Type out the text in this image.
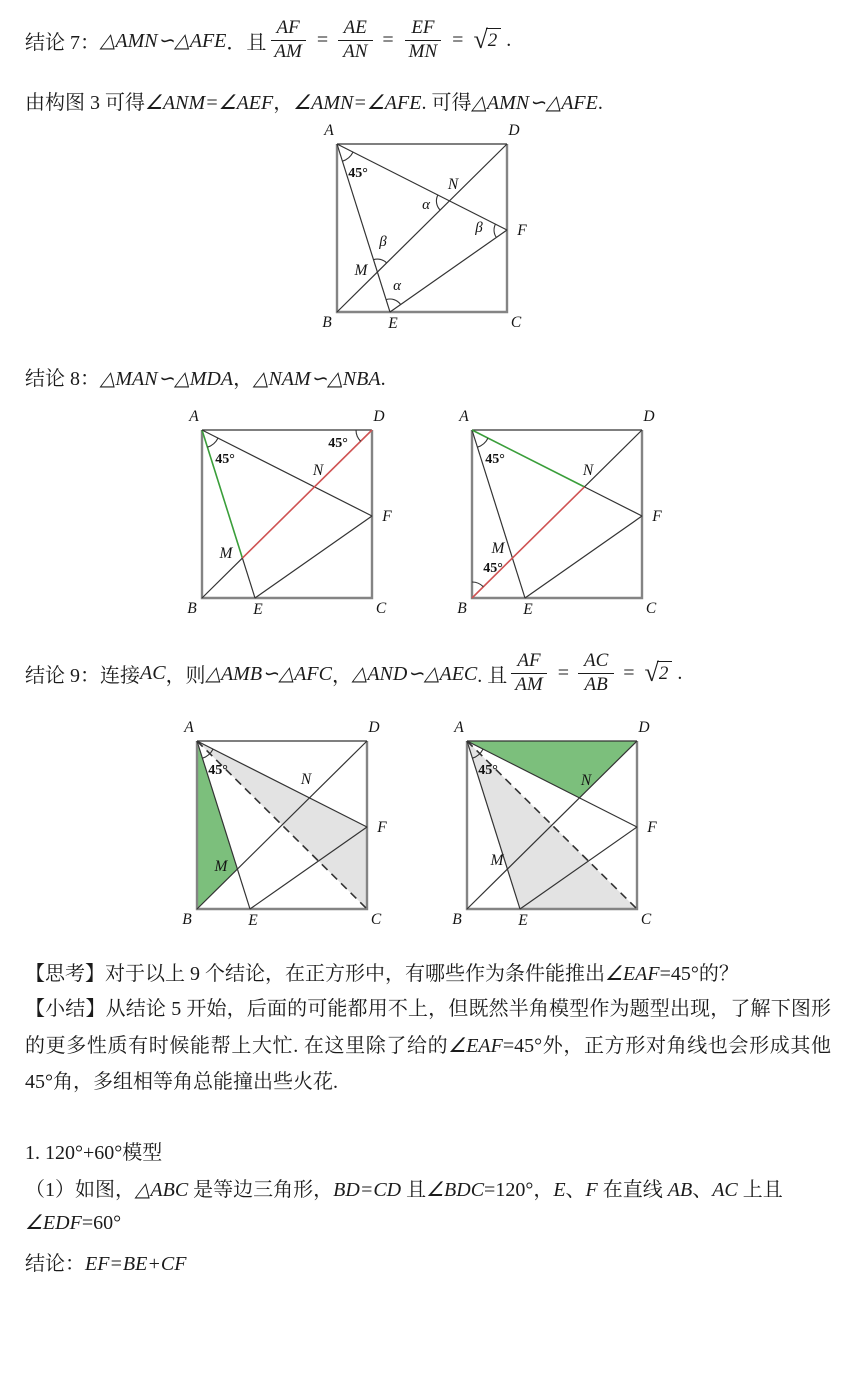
结论 7： △AMN∽△AFE ．且 $\frac{AF}{AM} = \frac{AE}{AN} = \frac{EF}{MN}$ = √ 2 .
由构图 3 可得∠ANM=∠AEF，∠AMN=∠AFE. 可得△AMN∽△AFE.
A	D
B	C
E
F
M
N
45°
α
β
β
α
结论 8：△MAN∽△MDA，△NAM∽△NBA.
A	D
B	C
E
F
M
N
45°
45°
A	D
B	C
E
F
M
N
45°
45°
结论 9：连接 AC ，则 △AMB∽△AFC ， △AND∽△AEC . 且 $\frac{AF}{AM} = \frac{AC}{AB}$ = √ 2 .
A	D
B	C
E
F
M
N
45°
A	D
B	C
E
F
M
N
45°
【思考】对于以上 9 个结论，在正方形中，有哪些作为条件能推出∠EAF=45°的？
【小结】从结论 5 开始，后面的可能都用不上，但既然半角模型作为题型出现，了解下图形的更多性质有时候能帮上大忙. 在这里除了给的∠EAF=45°外，正方形对角线也会形成其他 45°角，多组相等角总能撞出些火花.
1. 120°+60°模型
（1）如图，△ABC 是等边三角形，BD=CD 且∠BDC=120°，E、F 在直线 AB、AC 上且
∠EDF=60°
结论：EF=BE+CF
